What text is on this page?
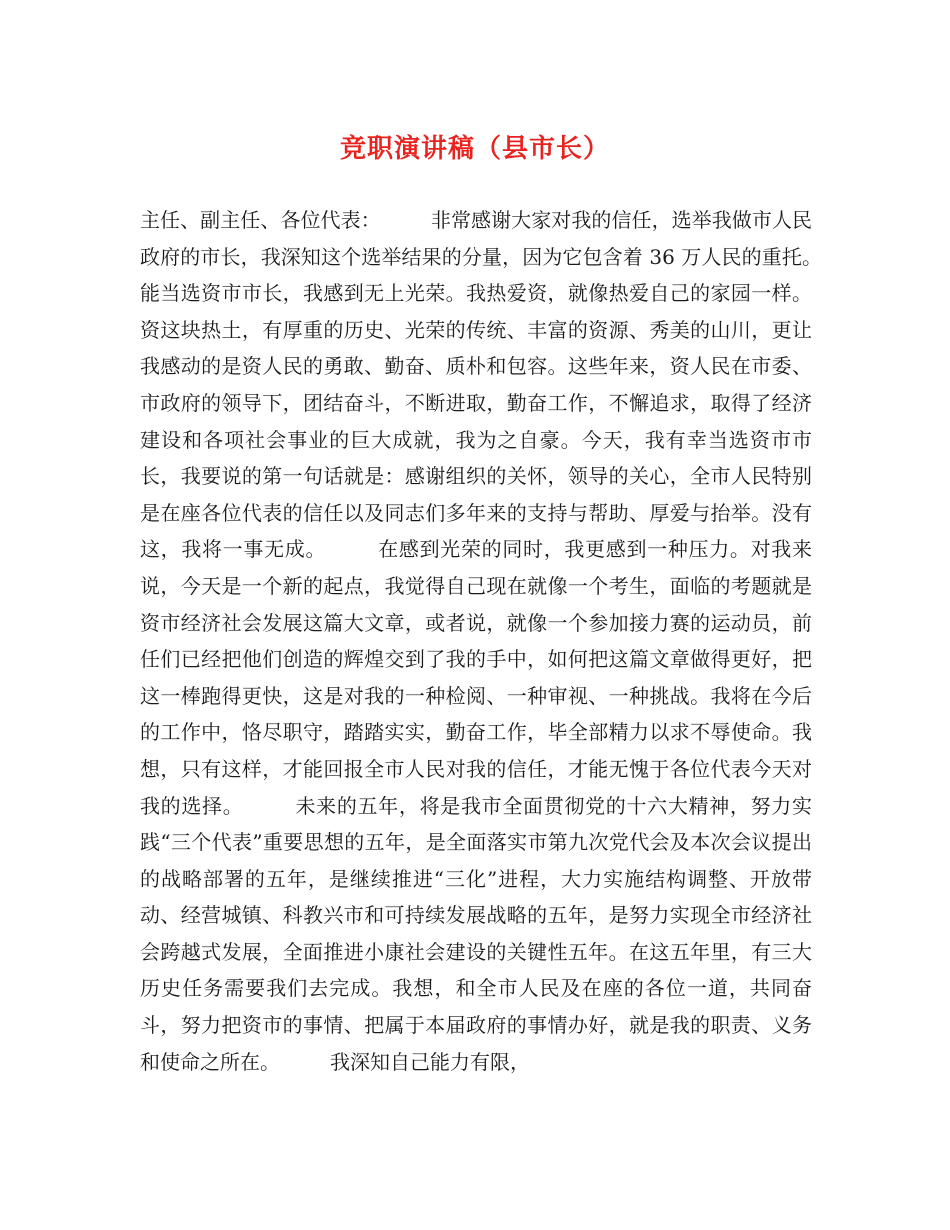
竞职演讲稿（县市长）

主任、副主任、各位代表：　　　非常感谢大家对我的信任，选举我做市人民政府的市长，我深知这个选举结果的分量，因为它包含着 36 万人民的重托。　　　能当选资市市长，我感到无上光荣。我热爱资，就像热爱自己的家园一样。资这块热土，有厚重的历史、光荣的传统、丰富的资源、秀美的山川，更让我感动的是资人民的勇敢、勤奋、质朴和包容。这些年来，资人民在市委、市政府的领导下，团结奋斗，不断进取，勤奋工作，不懈追求，取得了经济建设和各项社会事业的巨大成就，我为之自豪。今天，我有幸当选资市市长，我要说的第一句话就是：感谢组织的关怀，领导的关心，全市人民特别是在座各位代表的信任以及同志们多年来的支持与帮助、厚爱与抬举。没有这，我将一事无成。　　　在感到光荣的同时，我更感到一种压力。对我来说，今天是一个新的起点，我觉得自己现在就像一个考生，面临的考题就是资市经济社会发展这篇大文章，或者说，就像一个参加接力赛的运动员，前任们已经把他们创造的辉煌交到了我的手中，如何把这篇文章做得更好，把这一棒跑得更快，这是对我的一种检阅、一种审视、一种挑战。我将在今后的工作中，恪尽职守，踏踏实实，勤奋工作，毕全部精力以求不辱使命。我想，只有这样，才能回报全市人民对我的信任，才能无愧于各位代表今天对我的选择。　　　未来的五年，将是我市全面贯彻党的十六大精神，努力实践“三个代表”重要思想的五年，是全面落实市第九次党代会及本次会议提出的战略部署的五年，是继续推进“三化”进程，大力实施结构调整、开放带动、经营城镇、科教兴市和可持续发展战略的五年，是努力实现全市经济社会跨越式发展，全面推进小康社会建设的关键性五年。在这五年里，有三大历史任务需要我们去完成。我想，和全市人民及在座的各位一道，共同奋斗，努力把资市的事情、把属于本届政府的事情办好，就是我的职责、义务和使命之所在。　　　我深知自己能力有限，
